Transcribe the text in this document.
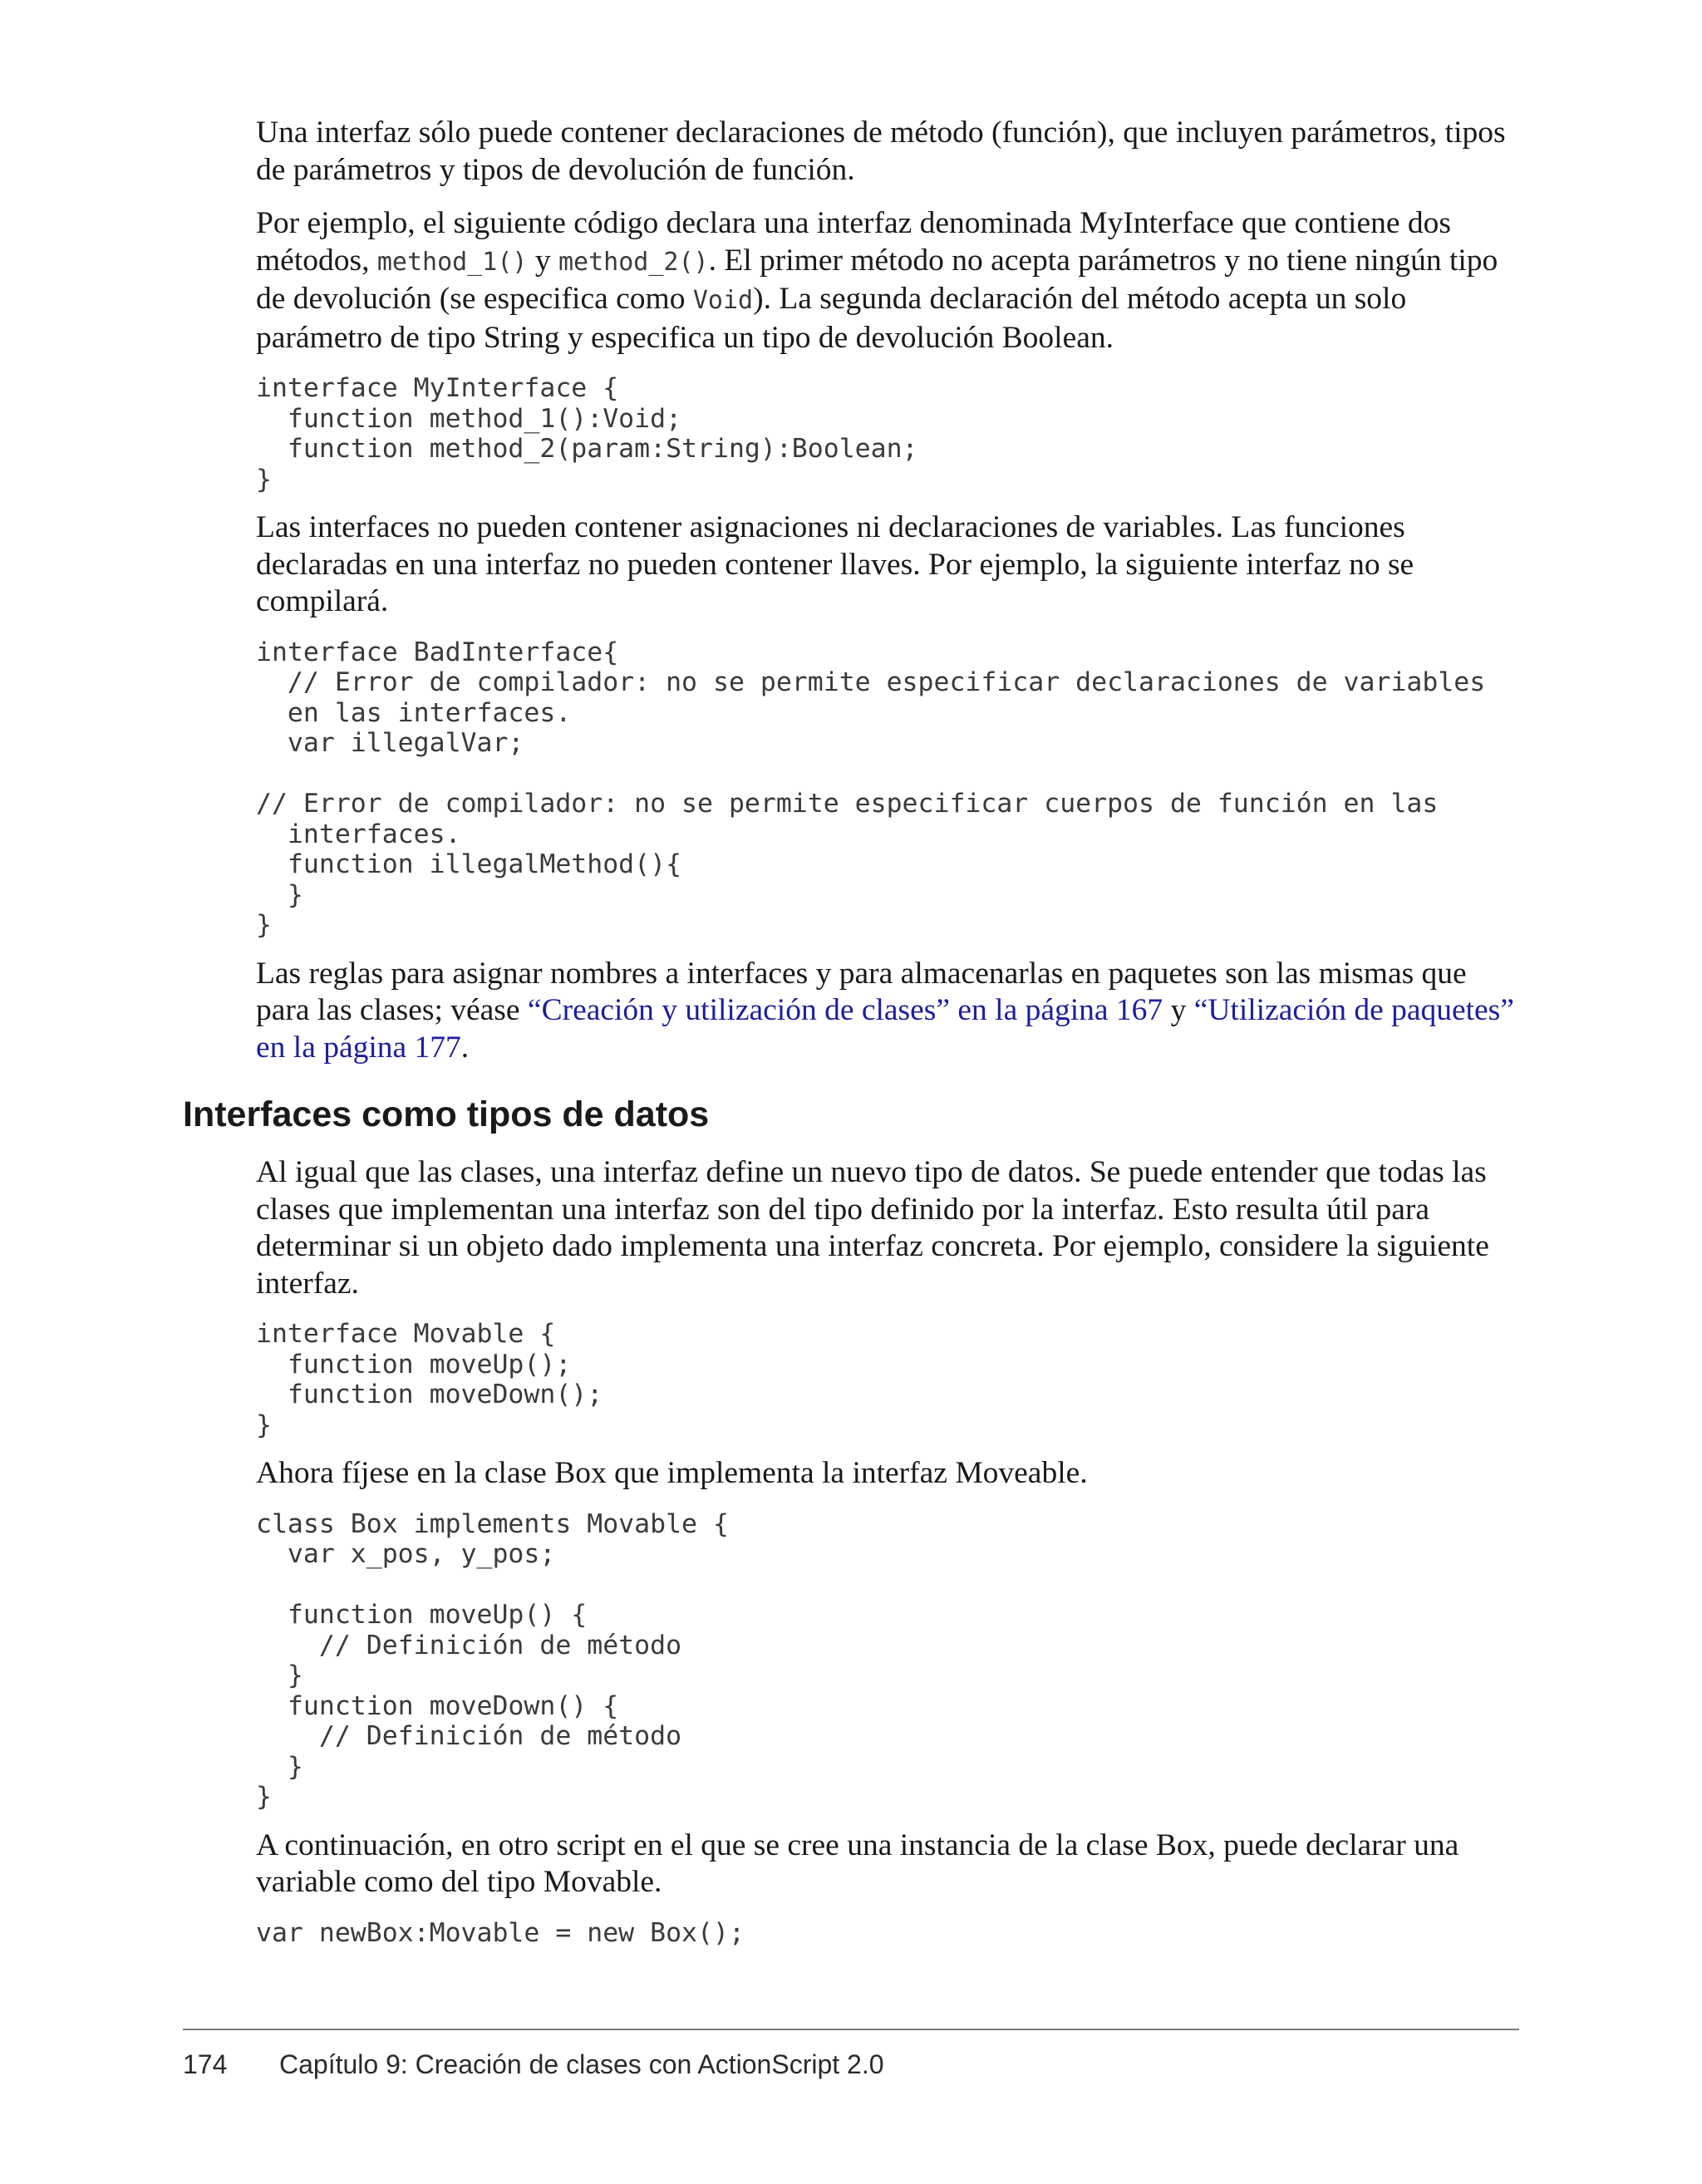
Una interfaz sólo puede contener declaraciones de método (función), que incluyen parámetros, tipos de parámetros y tipos de devolución de función.

Por ejemplo, el siguiente código declara una interfaz denominada MyInterface que contiene dos métodos, method_1() y method_2(). El primer método no acepta parámetros y no tiene ningún tipo de devolución (se especifica como Void). La segunda declaración del método acepta un solo parámetro de tipo String y especifica un tipo de devolución Boolean.

interface MyInterface {
function method_1():Void;
function method_2(param:String):Boolean;
}

Las interfaces no pueden contener asignaciones ni declaraciones de variables. Las funciones declaradas en una interfaz no pueden contener llaves. Por ejemplo, la siguiente interfaz no se compilará.

interface BadInterface{
// Error de compilador: no se permite especificar declaraciones de variables
en las interfaces.
var illegalVar;

// Error de compilador: no se permite especificar cuerpos de función en las
interfaces.
function illegalMethod(){
}
}

Las reglas para asignar nombres a interfaces y para almacenarlas en paquetes son las mismas que para las clases; véase “Creación y utilización de clases” en la página 167 y “Utilización de paquetes” en la página 177.

Interfaces como tipos de datos

Al igual que las clases, una interfaz define un nuevo tipo de datos. Se puede entender que todas las clases que implementan una interfaz son del tipo definido por la interfaz. Esto resulta útil para determinar si un objeto dado implementa una interfaz concreta. Por ejemplo, considere la siguiente interfaz.

interface Movable {
function moveUp();
function moveDown();
}

Ahora fíjese en la clase Box que implementa la interfaz Moveable.

class Box implements Movable {
var x_pos, y_pos;

function moveUp() {
// Definición de método
}
function moveDown() {
// Definición de método
}
}

A continuación, en otro script en el que se cree una instancia de la clase Box, puede declarar una variable como del tipo Movable.

var newBox:Movable = new Box();
174 Capítulo 9: Creación de clases con ActionScript 2.0
